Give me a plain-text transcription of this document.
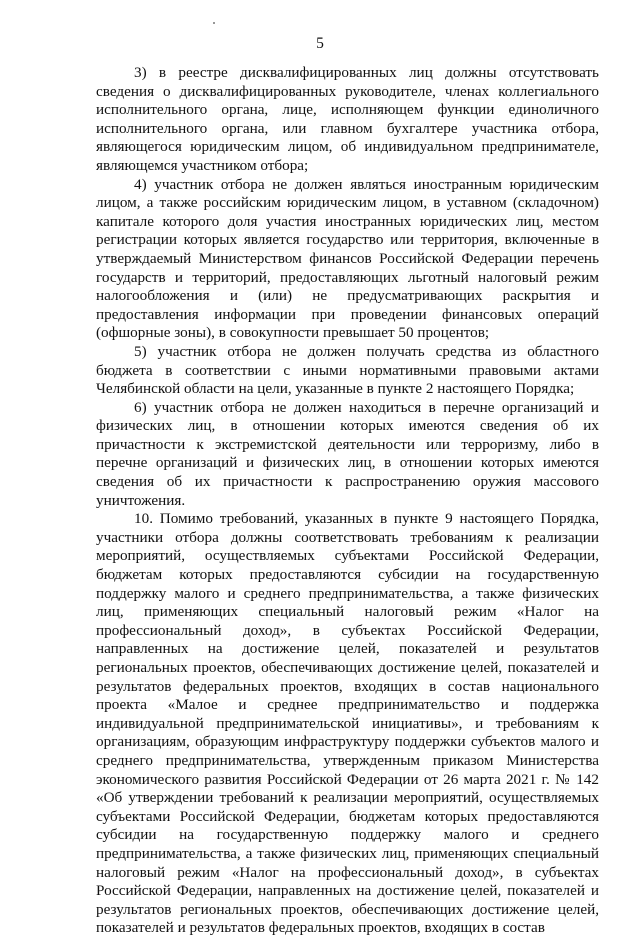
5

3) в реестре дисквалифицированных лиц должны отсутствовать сведения о дисквалифицированных руководителе, членах коллегиального исполнительного органа, лице, исполняющем функции единоличного исполнительного органа, или главном бухгалтере участника отбора, являющегося юридическим лицом, об индивидуальном предпринимателе, являющемся участником отбора;

4) участник отбора не должен являться иностранным юридическим лицом, а также российским юридическим лицом, в уставном (складочном) капитале которого доля участия иностранных юридических лиц, местом регистрации которых является государство или территория, включенные в утверждаемый Министерством финансов Российской Федерации перечень государств и территорий, предоставляющих льготный налоговый режим налогообложения и (или) не предусматривающих раскрытия и предоставления информации при проведении финансовых операций (офшорные зоны), в совокупности превышает 50 процентов;

5) участник отбора не должен получать средства из областного бюджета в соответствии с иными нормативными правовыми актами Челябинской области на цели, указанные в пункте 2 настоящего Порядка;

6) участник отбора не должен находиться в перечне организаций и физических лиц, в отношении которых имеются сведения об их причастности к экстремистской деятельности или терроризму, либо в перечне организаций и физических лиц, в отношении которых имеются сведения об их причастности к распространению оружия массового уничтожения.

10. Помимо требований, указанных в пункте 9 настоящего Порядка, участники отбора должны соответствовать требованиям к реализации мероприятий, осуществляемых субъектами Российской Федерации, бюджетам которых предоставляются субсидии на государственную поддержку малого и среднего предпринимательства, а также физических лиц, применяющих специальный налоговый режим «Налог на профессиональный доход», в субъектах Российской Федерации, направленных на достижение целей, показателей и результатов региональных проектов, обеспечивающих достижение целей, показателей и результатов федеральных проектов, входящих в состав национального проекта «Малое и среднее предпринимательство и поддержка индивидуальной предпринимательской инициативы», и требованиям к организациям, образующим инфраструктуру поддержки субъектов малого и среднего предпринимательства, утвержденным приказом Министерства экономического развития Российской Федерации от 26 марта 2021 г. № 142 «Об утверждении требований к реализации мероприятий, осуществляемых субъектами Российской Федерации, бюджетам которых предоставляются субсидии на государственную поддержку малого и среднего предпринимательства, а также физических лиц, применяющих специальный налоговый режим «Налог на профессиональный доход», в субъектах Российской Федерации, направленных на достижение целей, показателей и результатов региональных проектов, обеспечивающих достижение целей, показателей и результатов федеральных проектов, входящих в состав
